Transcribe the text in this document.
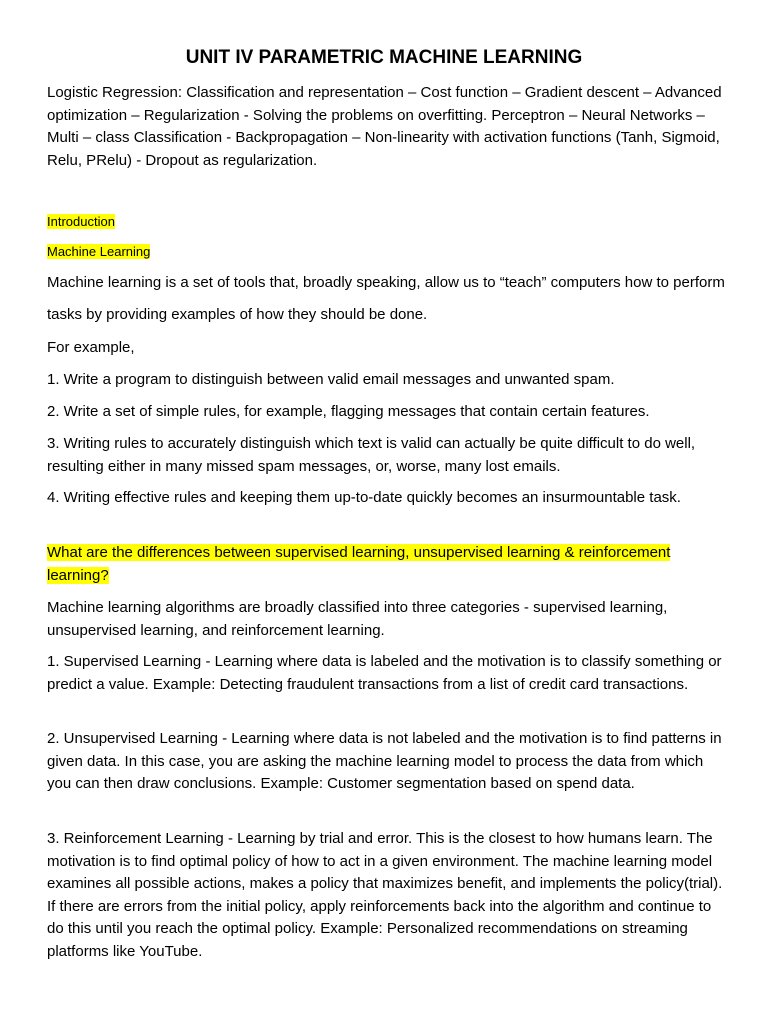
UNIT IV PARAMETRIC MACHINE LEARNING

Logistic Regression: Classification and representation – Cost function – Gradient descent – Advanced optimization – Regularization - Solving the problems on overfitting. Perceptron – Neural Networks – Multi – class Classification - Backpropagation – Non-linearity with activation functions (Tanh, Sigmoid, Relu, PRelu) - Dropout as regularization.

Introduction

Machine Learning

Machine learning is a set of tools that, broadly speaking, allow us to “teach” computers how to perform tasks by providing examples of how they should be done.

For example,

1. Write a program to distinguish between valid email messages and unwanted spam.

2. Write a set of simple rules, for example, flagging messages that contain certain features.

3. Writing rules to accurately distinguish which text is valid can actually be quite difficult to do well, resulting either in many missed spam messages, or, worse, many lost emails.

4. Writing effective rules and keeping them up-to-date quickly becomes an insurmountable task.

What are the differences between supervised learning, unsupervised learning & reinforcement learning?

Machine learning algorithms are broadly classified into three categories - supervised learning, unsupervised learning, and reinforcement learning.

1. Supervised Learning - Learning where data is labeled and the motivation is to classify something or predict a value. Example: Detecting fraudulent transactions from a list of credit card transactions.

2. Unsupervised Learning - Learning where data is not labeled and the motivation is to find patterns in given data. In this case, you are asking the machine learning model to process the data from which you can then draw conclusions. Example: Customer segmentation based on spend data.

3. Reinforcement Learning - Learning by trial and error. This is the closest to how humans learn. The motivation is to find optimal policy of how to act in a given environment. The machine learning model examines all possible actions, makes a policy that maximizes benefit, and implements the policy(trial). If there are errors from the initial policy, apply reinforcements back into the algorithm and continue to do this until you reach the optimal policy. Example: Personalized recommendations on streaming platforms like YouTube.
